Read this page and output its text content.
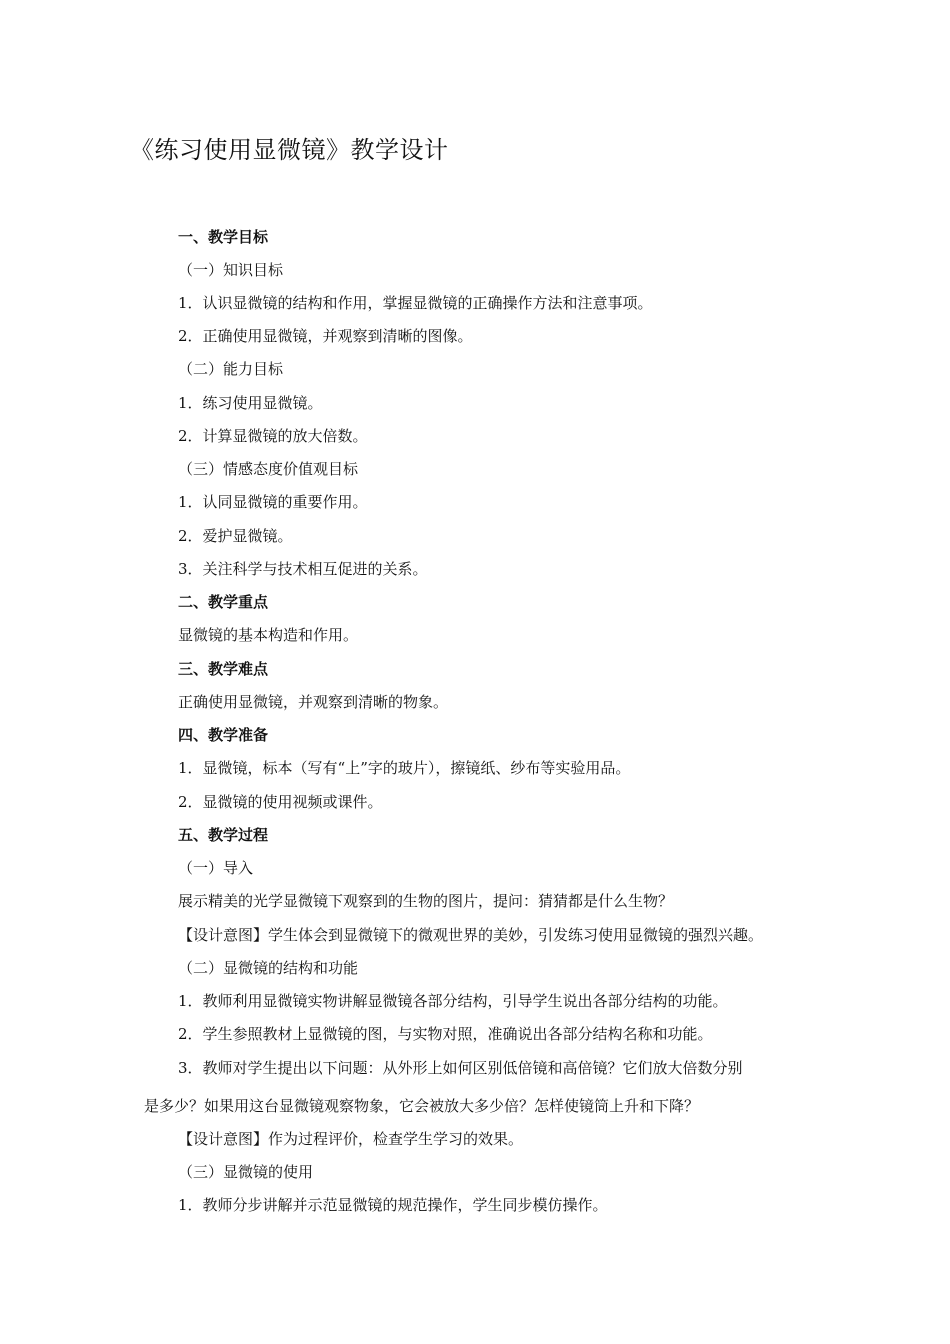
《练习使用显微镜》教学设计
一、教学目标
（一）知识目标
1．认识显微镜的结构和作用，掌握显微镜的正确操作方法和注意事项。
2．正确使用显微镜，并观察到清晰的图像。
（二）能力目标
1．练习使用显微镜。
2．计算显微镜的放大倍数。
（三）情感态度价值观目标
1．认同显微镜的重要作用。
2．爱护显微镜。
3．关注科学与技术相互促进的关系。
二、教学重点
显微镜的基本构造和作用。
三、教学难点
正确使用显微镜，并观察到清晰的物象。
四、教学准备
1．显微镜，标本（写有“上”字的玻片），擦镜纸、纱布等实验用品。
2．显微镜的使用视频或课件。
五、教学过程
（一）导入
展示精美的光学显微镜下观察到的生物的图片，提问：猜猜都是什么生物？
【设计意图】学生体会到显微镜下的微观世界的美妙，引发练习使用显微镜的强烈兴趣。
（二）显微镜的结构和功能
1．教师利用显微镜实物讲解显微镜各部分结构，引导学生说出各部分结构的功能。
2．学生参照教材上显微镜的图，与实物对照，准确说出各部分结构名称和功能。
3．教师对学生提出以下问题：从外形上如何区别低倍镜和高倍镜？它们放大倍数分别
是多少？如果用这台显微镜观察物象，它会被放大多少倍？怎样使镜筒上升和下降？
【设计意图】作为过程评价，检查学生学习的效果。
（三）显微镜的使用
1．教师分步讲解并示范显微镜的规范操作，学生同步模仿操作。
